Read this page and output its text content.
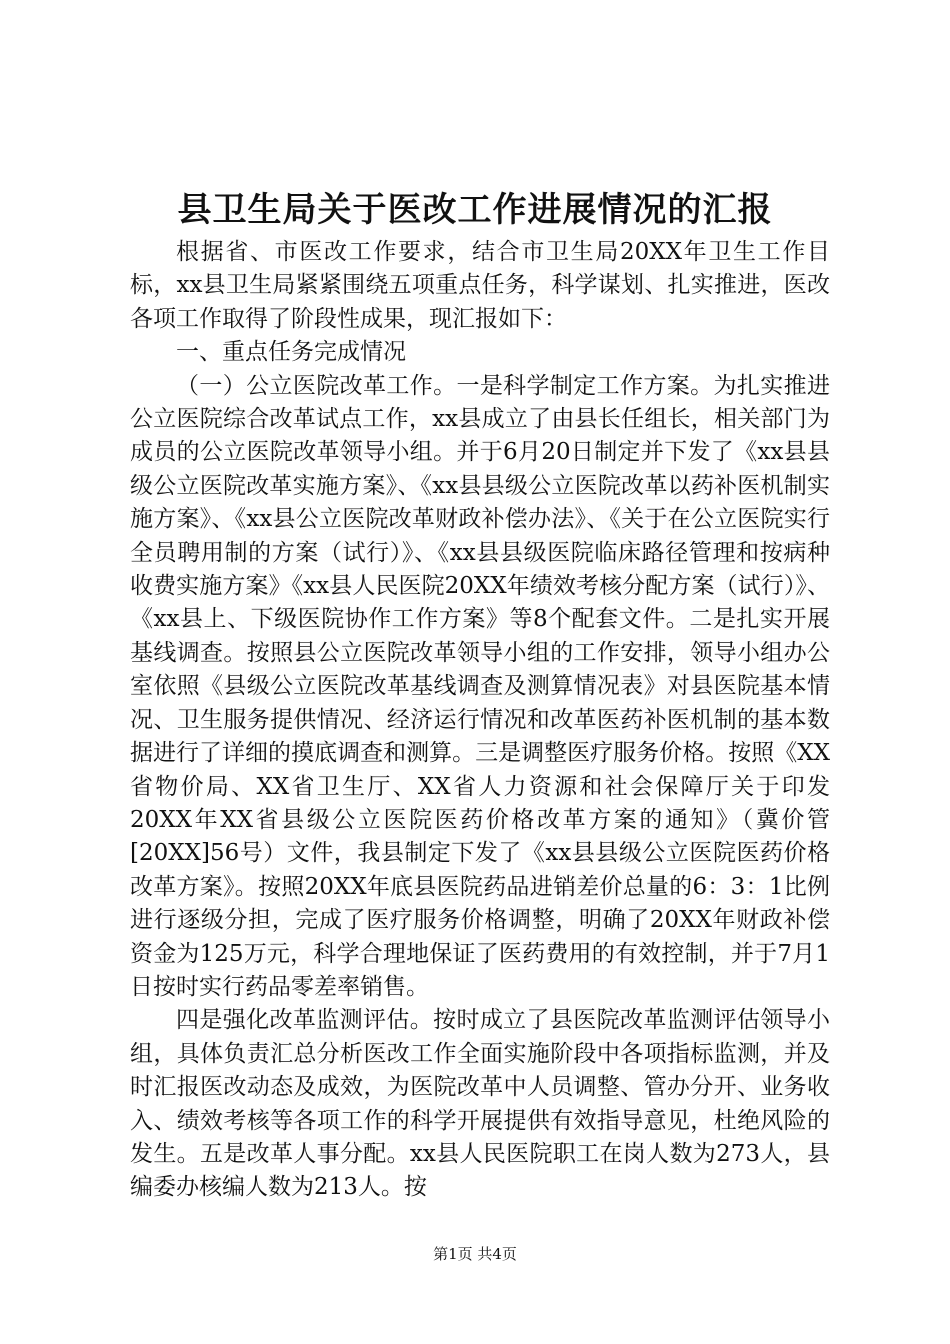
县卫生局关于医改工作进展情况的汇报

根据省、市医改工作要求，结合市卫生局20XX年卫生工作目标，xx县卫生局紧紧围绕五项重点任务，科学谋划、扎实推进，医改各项工作取得了阶段性成果，现汇报如下：

一、重点任务完成情况

（一）公立医院改革工作。一是科学制定工作方案。为扎实推进公立医院综合改革试点工作，xx县成立了由县长任组长，相关部门为成员的公立医院改革领导小组。并于6月20日制定并下发了《xx县县级公立医院改革实施方案》、《xx县县级公立医院改革以药补医机制实施方案》、《xx县公立医院改革财政补偿办法》、《关于在公立医院实行全员聘用制的方案（试行）》、《xx县县级医院临床路径管理和按病种收费实施方案》《xx县人民医院20XX年绩效考核分配方案（试行）》、《xx县上、下级医院协作工作方案》等8个配套文件。二是扎实开展基线调查。按照县公立医院改革领导小组的工作安排，领导小组办公室依照《县级公立医院改革基线调查及测算情况表》对县医院基本情况、卫生服务提供情况、经济运行情况和改革医药补医机制的基本数据进行了详细的摸底调查和测算。三是调整医疗服务价格。按照《XX省物价局、XX省卫生厅、XX省人力资源和社会保障厅关于印发20XX年XX省县级公立医院医药价格改革方案的通知》（冀价管[20XX]56号）文件，我县制定下发了《xx县县级公立医院医药价格改革方案》。按照20XX年底县医院药品进销差价总量的6：3：1比例进行逐级分担，完成了医疗服务价格调整，明确了20XX年财政补偿资金为125万元，科学合理地保证了医药费用的有效控制，并于7月1日按时实行药品零差率销售。

四是强化改革监测评估。按时成立了县医院改革监测评估领导小组，具体负责汇总分析医改工作全面实施阶段中各项指标监测，并及时汇报医改动态及成效，为医院改革中人员调整、管办分开、业务收入、绩效考核等各项工作的科学开展提供有效指导意见，杜绝风险的发生。五是改革人事分配。xx县人民医院职工在岗人数为273人，县编委办核编人数为213人。按

第1页 共4页
